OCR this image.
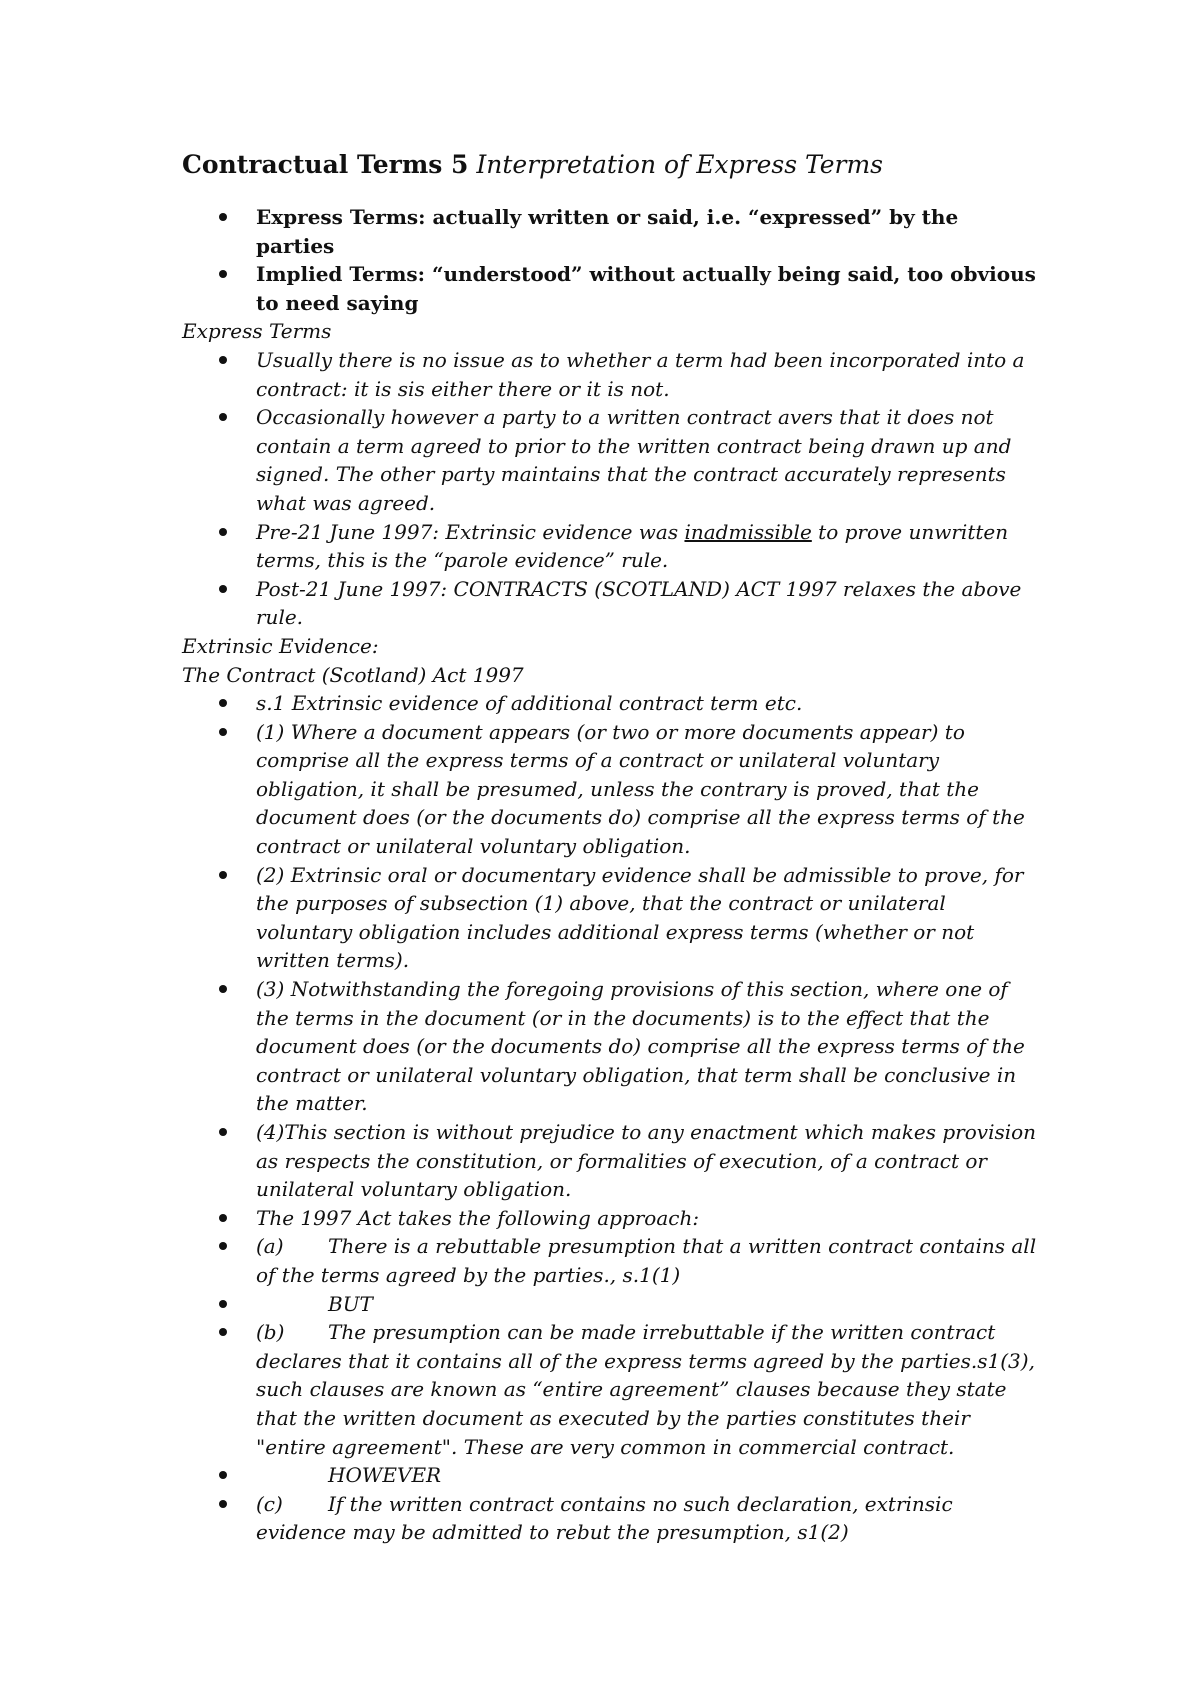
Contractual Terms 5 Interpretation of Express Terms
Express Terms: actually written or said, i.e. “expressed” by the parties
Implied Terms: “understood” without actually being said, too obvious to need saying
Express Terms
Usually there is no issue as to whether a term had been incorporated into a contract: it is sis either there or it is not.
Occasionally however a party to a written contract avers that it does not contain a term agreed to prior to the written contract being drawn up and signed. The other party maintains that the contract accurately represents what was agreed.
Pre-21 June 1997: Extrinsic evidence was inadmissible to prove unwritten terms, this is the “parole evidence” rule.
Post-21 June 1997: CONTRACTS (SCOTLAND) ACT 1997 relaxes the above rule.
Extrinsic Evidence:
The Contract (Scotland) Act 1997
s.1 Extrinsic evidence of additional contract term etc.
(1) Where a document appears (or two or more documents appear) to comprise all the express terms of a contract or unilateral voluntary obligation, it shall be presumed, unless the contrary is proved, that the document does (or the documents do) comprise all the express terms of the contract or unilateral voluntary obligation.
(2) Extrinsic oral or documentary evidence shall be admissible to prove, for the purposes of subsection (1) above, that the contract or unilateral voluntary obligation includes additional express terms (whether or not written terms).
(3) Notwithstanding the foregoing provisions of this section, where one of the terms in the document (or in the documents) is to the effect that the document does (or the documents do) comprise all the express terms of the contract or unilateral voluntary obligation, that term shall be conclusive in the matter.
(4)This section is without prejudice to any enactment which makes provision as respects the constitution, or formalities of execution, of a contract or unilateral voluntary obligation.
The 1997 Act takes the following approach:
(a) There is a rebuttable presumption that a written contract contains all of the terms agreed by the parties., s.1(1)
BUT
(b) The presumption can be made irrebuttable if the written contract declares that it contains all of the express terms agreed by the parties.s1(3), such clauses are known as “entire agreement” clauses because they state that the written document as executed by the parties constitutes their "entire agreement". These are very common in commercial contract.
HOWEVER
(c) If the written contract contains no such declaration, extrinsic evidence may be admitted to rebut the presumption, s1(2)
